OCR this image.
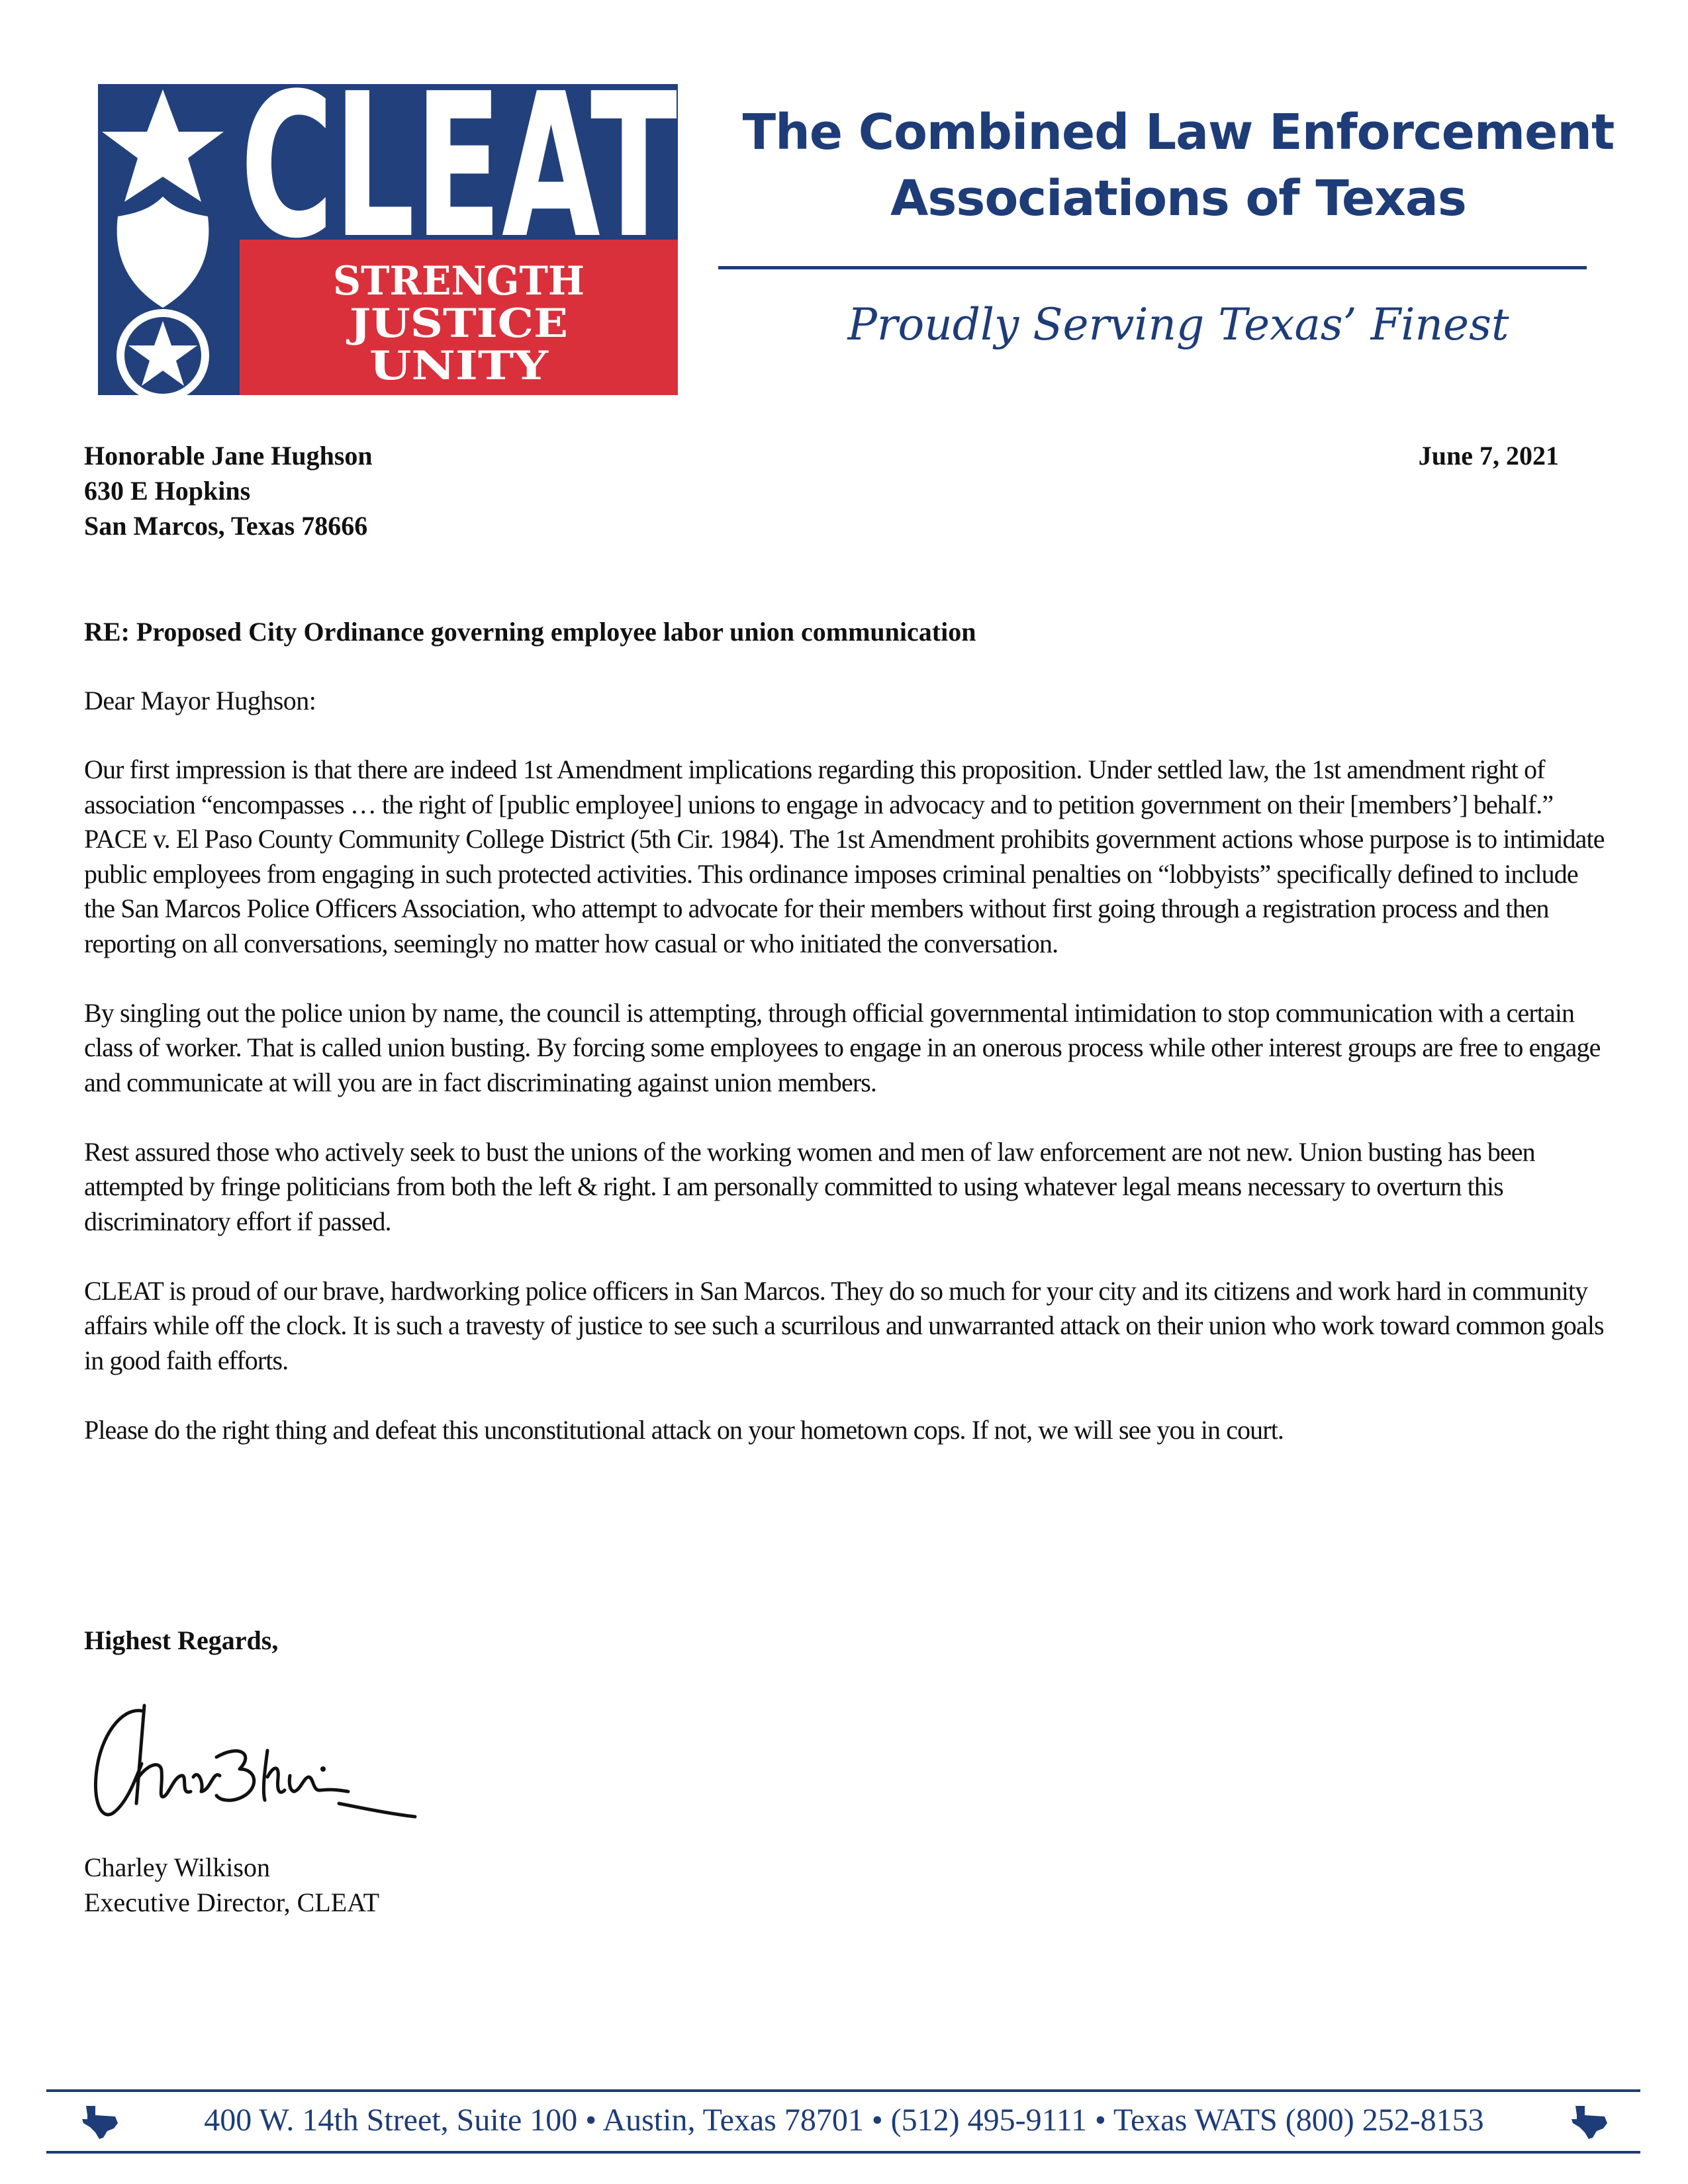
CLEAT
STRENGTH
JUSTICE
UNITY
The Combined Law Enforcement
Associations of Texas
Proudly Serving Texas’ Finest
Honorable Jane Hughson
630 E Hopkins
San Marcos, Texas 78666
June 7, 2021
RE: Proposed City Ordinance governing employee labor union communication
Dear Mayor Hughson:

Our first impression is that there are indeed 1st Amendment implications regarding this proposition. Under settled law, the 1st amendment right of association “encompasses … the right of [public employee] unions to engage in advocacy and to petition government on their [members’] behalf.” PACE v. El Paso County Community College District (5th Cir. 1984). The 1st Amendment prohibits government actions whose purpose is to intimidate public employees from engaging in such protected activities. This ordinance imposes criminal penalties on “lobbyists” specifically defined to include the San Marcos Police Officers Association, who attempt to advocate for their members without first going through a registration process and then reporting on all conversations, seemingly no matter how casual or who initiated the conversation.

By singling out the police union by name, the council is attempting, through official governmental intimidation to stop communication with a certain class of worker. That is called union busting. By forcing some employees to engage in an onerous process while other interest groups are free to engage and communicate at will you are in fact discriminating against union members.

Rest assured those who actively seek to bust the unions of the working women and men of law enforcement are not new. Union busting has been attempted by fringe politicians from both the left & right. I am personally committed to using whatever legal means necessary to overturn this discriminatory effort if passed.

CLEAT is proud of our brave, hardworking police officers in San Marcos. They do so much for your city and its citizens and work hard in community affairs while off the clock. It is such a travesty of justice to see such a scurrilous and unwarranted attack on their union who work toward common goals in good faith efforts.

Please do the right thing and defeat this unconstitutional attack on your hometown cops. If not, we will see you in court.

Highest Regards,
Charley Wilkison
Executive Director, CLEAT
400 W. 14th Street, Suite 100 • Austin, Texas 78701 • (512) 495-9111 • Texas WATS (800) 252-8153
